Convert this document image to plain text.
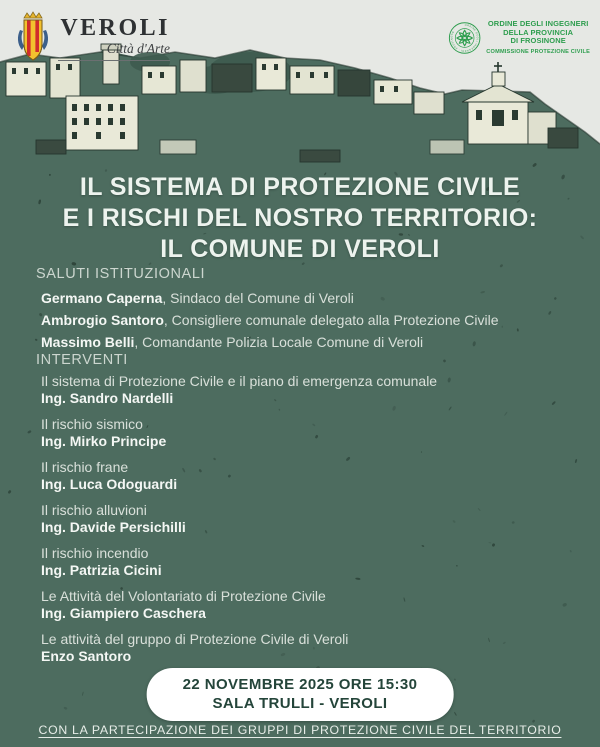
VEROLI
Città d'Arte
ORDINE DEGLI INGEGNERI · FROSINONE ·
ORDINE DEGLI INGEGNERI
DELLA PROVINCIA
DI FROSINONE
COMMISSIONE PROTEZIONE CIVILE
IL SISTEMA DI PROTEZIONE CIVILE
E I RISCHI DEL NOSTRO TERRITORIO:
IL COMUNE DI VEROLI
SALUTI ISTITUZIONALI
Germano Caperna, Sindaco del Comune di Veroli
Ambrogio Santoro, Consigliere comunale delegato alla Protezione Civile
Massimo Belli, Comandante Polizia Locale Comune di Veroli
INTERVENTI
Il sistema di Protezione Civile e il piano di emergenza comunale
Ing. Sandro Nardelli
Il rischio sismico
Ing. Mirko Principe
Il rischio frane
Ing. Luca Odoguardi
Il rischio alluvioni
Ing. Davide Persichilli
Il rischio incendio
Ing. Patrizia Cicini
Le Attività del Volontariato di Protezione Civile
Ing. Giampiero Caschera
Le attività del gruppo di Protezione Civile di Veroli
Enzo Santoro
22 NOVEMBRE 2025 ORE 15:30
SALA TRULLI - VEROLI
CON LA PARTECIPAZIONE DEI GRUPPI DI PROTEZIONE CIVILE DEL TERRITORIO
